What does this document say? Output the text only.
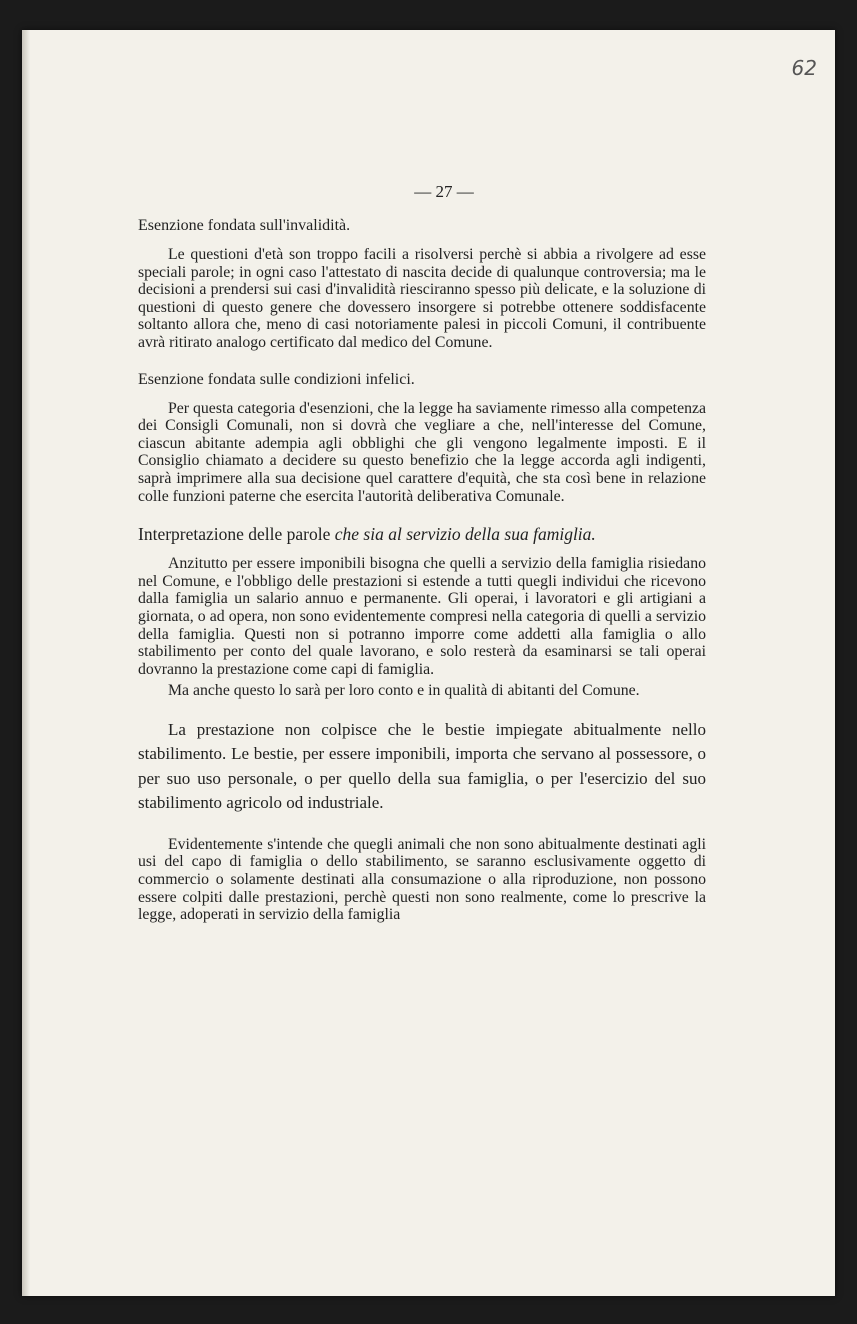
62
— 27 —
Esenzione fondata sull'invalidità.

Le questioni d'età son troppo facili a risolversi perchè si abbia a rivolgere ad esse speciali parole; in ogni caso l'attestato di nascita decide di qualunque controversia; ma le decisioni a prendersi sui casi d'invalidità riesciranno spesso più delicate, e la soluzione di questioni di questo genere che dovessero insorgere si potrebbe ottenere soddisfacente soltanto allora che, meno di casi notoriamente palesi in piccoli Comuni, il contribuente avrà ritirato analogo certificato dal medico del Comune.

Esenzione fondata sulle condizioni infelici.

Per questa categoria d'esenzioni, che la legge ha saviamente rimesso alla competenza dei Consigli Comunali, non si dovrà che vegliare a che, nell'interesse del Comune, ciascun abitante adempia agli obblighi che gli vengono legalmente imposti. E il Consiglio chiamato a decidere su questo benefizio che la legge accorda agli indigenti, saprà imprimere alla sua decisione quel carattere d'equità, che sta così bene in relazione colle funzioni paterne che esercita l'autorità deliberativa Comunale.

Interpretazione delle parole che sia al servizio della sua famiglia.

Anzitutto per essere imponibili bisogna che quelli a servizio della famiglia risiedano nel Comune, e l'obbligo delle prestazioni si estende a tutti quegli individui che ricevono dalla famiglia un salario annuo e permanente. Gli operai, i lavoratori e gli artigiani a giornata, o ad opera, non sono evidentemente compresi nella categoria di quelli a servizio della famiglia. Questi non si potranno imporre come addetti alla famiglia o allo stabilimento per conto del quale lavorano, e solo resterà da esaminarsi se tali operai dovranno la prestazione come capi di famiglia.

Ma anche questo lo sarà per loro conto e in qualità di abitanti del Comune.

La prestazione non colpisce che le bestie impiegate abitualmente nello stabilimento. Le bestie, per essere imponibili, importa che servano al possessore, o per suo uso personale, o per quello della sua famiglia, o per l'esercizio del suo stabilimento agricolo od industriale.

Evidentemente s'intende che quegli animali che non sono abitualmente destinati agli usi del capo di famiglia o dello stabilimento, se saranno esclusivamente oggetto di commercio o solamente destinati alla consumazione o alla riproduzione, non possono essere colpiti dalle prestazioni, perchè questi non sono realmente, come lo prescrive la legge, adoperati in servizio della famiglia
